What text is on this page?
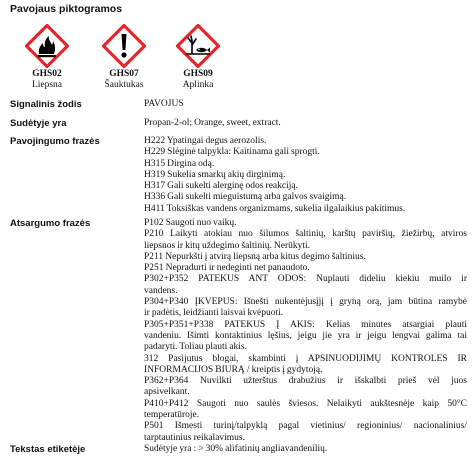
Pavojaus piktogramos
GHS02
Liepsna
GHS07
Šauktukas
GHS09
Aplinka
Signalinis žodis	PAVOJUS
Sudėtyje yra	Propan-2-ol; Orange, sweet, extract.
Pavojingumo frazės	H222 Ypatingai degus aerozolis.
H229 Slėginė talpykla: Kaitinama gali sprogti.
H315 Dirgina odą.
H319 Sukelia smarkų akių dirginimą.
H317 Gali sukelti alerginę odos reakciją.
H336 Gali sukelti mieguistumą arba galvos svaigimą.
H411 Toksiškas vandens organizmams, sukelia ilgalaikius pakitimus.
Atsargumo frazės	P102 Saugoti nuo vaikų.
P210 Laikyti atokiau nuo šilumos šaltinių, karštų paviršių, žiežirbų, atviros
liepsnos ir kitų uždegimo šaltinių. Nerūkyti.
P211 Nepurkšti į atvirą liepsną arba kitus degimo šaltinius.
P251 Nepradurti ir nedeginti net panaudoto.
P302+P352 PATEKUS ANT ODOS: Nuplauti dideliu kiekiu muilo ir
vandens.
P304+P340 ĮKVĖPUS: Išnešti nukentėjusįjį į gryną orą, jam būtina ramybė
ir padėtis, leidžianti laisvai kvėpuoti.
P305+P351+P338 PATEKUS Į AKIS: Kelias minutes atsargiai plauti
vandeniu. Išimti kontaktinius lęšius, jeigu jie yra ir jeigu lengvai galima tai
padaryti. Toliau plauti akis.
312 Pasijutus blogai, skambinti į APSINUODIJIMŲ KONTROLĖS IR
INFORMACIJOS BIURĄ / kreiptis į gydytoją.
P362+P364 Nuvilkti užterštus drabužius ir išskalbti prieš vėl juos
apsivelkant.
P410+P412 Saugoti nuo saulės šviesos. Nelaikyti aukštesnėje kaip 50°C
temperatūroje.
P501 Išmesti turinį/talpyklą pagal vietinius/ regioninius/ nacionalinius/
tarptautinius reikalavimus.
Tekstas etiketėje	Sudėtyje yra : > 30% alifatinių angliavandenilių.
